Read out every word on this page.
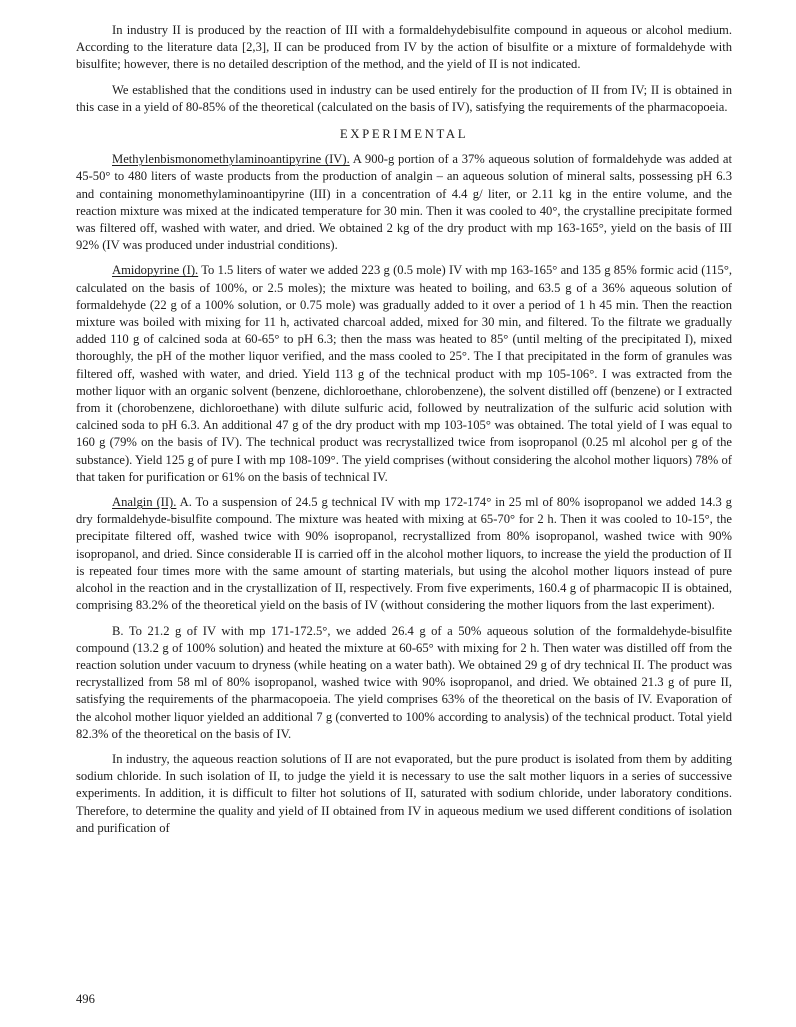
In industry II is produced by the reaction of III with a formaldehydebisulfite compound in aqueous or alcohol medium. According to the literature data [2,3], II can be produced from IV by the action of bisulfite or a mixture of formaldehyde with bisulfite; however, there is no detailed description of the method, and the yield of II is not indicated.

We established that the conditions used in industry can be used entirely for the production of II from IV; II is obtained in this case in a yield of 80-85% of the theoretical (calculated on the basis of IV), satisfying the requirements of the pharmacopoeia.

EXPERIMENTAL

Methylenbismonomethylaminoantipyrine (IV). A 900-g portion of a 37% aqueous solution of formaldehyde was added at 45-50° to 480 liters of waste products from the production of analgin – an aqueous solution of mineral salts, possessing pH 6.3 and containing monomethylaminoantipyrine (III) in a concentration of 4.4 g/ liter, or 2.11 kg in the entire volume, and the reaction mixture was mixed at the indicated temperature for 30 min. Then it was cooled to 40°, the crystalline precipitate formed was filtered off, washed with water, and dried. We obtained 2 kg of the dry product with mp 163-165°, yield on the basis of III 92% (IV was produced under industrial conditions).

Amidopyrine (I). To 1.5 liters of water we added 223 g (0.5 mole) IV with mp 163-165° and 135 g 85% formic acid (115°, calculated on the basis of 100%, or 2.5 moles); the mixture was heated to boiling, and 63.5 g of a 36% aqueous solution of formaldehyde (22 g of a 100% solution, or 0.75 mole) was gradually added to it over a period of 1 h 45 min. Then the reaction mixture was boiled with mixing for 11 h, activated charcoal added, mixed for 30 min, and filtered. To the filtrate we gradually added 110 g of calcined soda at 60-65° to pH 6.3; then the mass was heated to 85° (until melting of the precipitated I), mixed thoroughly, the pH of the mother liquor verified, and the mass cooled to 25°. The I that precipitated in the form of granules was filtered off, washed with water, and dried. Yield 113 g of the technical product with mp 105-106°. I was extracted from the mother liquor with an organic solvent (benzene, dichloroethane, chlorobenzene), the solvent distilled off (benzene) or I extracted from it (chorobenzene, dichloroethane) with dilute sulfuric acid, followed by neutralization of the sulfuric acid solution with calcined soda to pH 6.3. An additional 47 g of the dry product with mp 103-105° was obtained. The total yield of I was equal to 160 g (79% on the basis of IV). The technical product was recrystallized twice from isopropanol (0.25 ml alcohol per g of the substance). Yield 125 g of pure I with mp 108-109°. The yield comprises (without considering the alcohol mother liquors) 78% of that taken for purification or 61% on the basis of technical IV.

Analgin (II). A. To a suspension of 24.5 g technical IV with mp 172-174° in 25 ml of 80% isopropanol we added 14.3 g dry formaldehyde-bisulfite compound. The mixture was heated with mixing at 65-70° for 2 h. Then it was cooled to 10-15°, the precipitate filtered off, washed twice with 90% isopropanol, recrystallized from 80% isopropanol, washed twice with 90% isopropanol, and dried. Since considerable II is carried off in the alcohol mother liquors, to increase the yield the production of II is repeated four times more with the same amount of starting materials, but using the alcohol mother liquors instead of pure alcohol in the reaction and in the crystallization of II, respectively. From five experiments, 160.4 g of pharmacopic II is obtained, comprising 83.2% of the theoretical yield on the basis of IV (without considering the mother liquors from the last experiment).

B. To 21.2 g of IV with mp 171-172.5°, we added 26.4 g of a 50% aqueous solution of the formaldehyde-bisulfite compound (13.2 g of 100% solution) and heated the mixture at 60-65° with mixing for 2 h. Then water was distilled off from the reaction solution under vacuum to dryness (while heating on a water bath). We obtained 29 g of dry technical II. The product was recrystallized from 58 ml of 80% isopropanol, washed twice with 90% isopropanol, and dried. We obtained 21.3 g of pure II, satisfying the requirements of the pharmacopoeia. The yield comprises 63% of the theoretical on the basis of IV. Evaporation of the alcohol mother liquor yielded an additional 7 g (converted to 100% according to analysis) of the technical product. Total yield 82.3% of the theoretical on the basis of IV.

In industry, the aqueous reaction solutions of II are not evaporated, but the pure product is isolated from them by additing sodium chloride. In such isolation of II, to judge the yield it is necessary to use the salt mother liquors in a series of successive experiments. In addition, it is difficult to filter hot solutions of II, saturated with sodium chloride, under laboratory conditions. Therefore, to determine the quality and yield of II obtained from IV in aqueous medium we used different conditions of isolation and purification of

496
